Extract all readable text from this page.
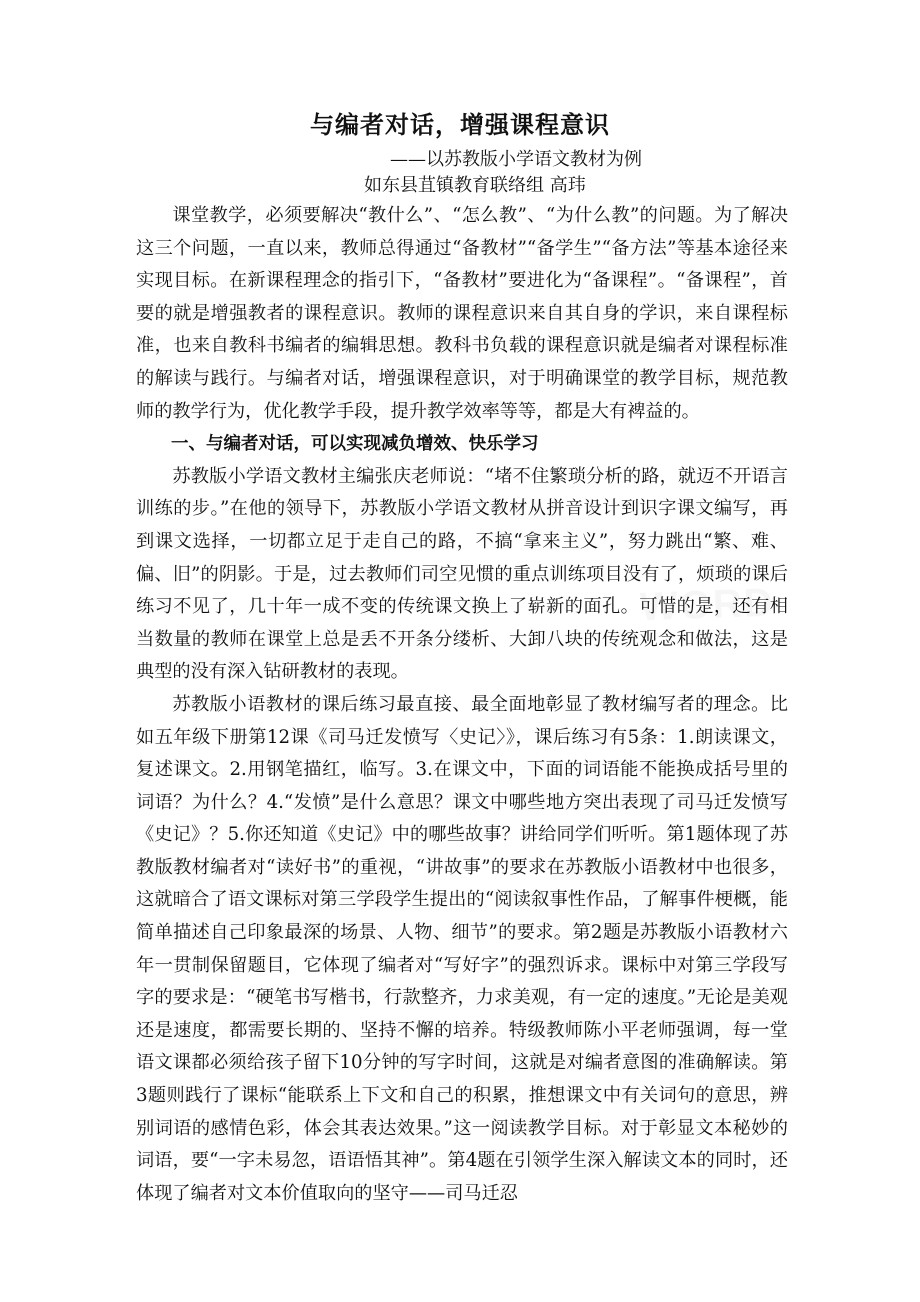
与编者对话，增强课程意识
——以苏教版小学语文教材为例
如东县苴镇教育联络组 高玮

课堂教学，必须要解决“教什么”、“怎么教”、“为什么教”的问题。为了解决这三个问题，一直以来，教师总得通过“备教材”“备学生”“备方法”等基本途径来实现目标。在新课程理念的指引下，“备教材”要进化为“备课程”。“备课程”，首要的就是增强教者的课程意识。教师的课程意识来自其自身的学识，来自课程标准，也来自教科书编者的编辑思想。教科书负载的课程意识就是编者对课程标准的解读与践行。与编者对话，增强课程意识，对于明确课堂的教学目标，规范教师的教学行为，优化教学手段，提升教学效率等等，都是大有裨益的。

一、与编者对话，可以实现减负增效、快乐学习

苏教版小学语文教材主编张庆老师说：“堵不住繁琐分析的路，就迈不开语言训练的步。”在他的领导下，苏教版小学语文教材从拼音设计到识字课文编写，再到课文选择，一切都立足于走自己的路，不搞“拿来主义”，努力跳出“繁、难、偏、旧”的阴影。于是，过去教师们司空见惯的重点训练项目没有了，烦琐的课后练习不见了，几十年一成不变的传统课文换上了崭新的面孔。可惜的是，还有相当数量的教师在课堂上总是丢不开条分缕析、大卸八块的传统观念和做法，这是典型的没有深入钻研教材的表现。

苏教版小语教材的课后练习最直接、最全面地彰显了教材编写者的理念。比如五年级下册第12课《司马迁发愤写〈史记〉》，课后练习有5条：1.朗读课文，复述课文。2.用钢笔描红，临写。3.在课文中，下面的词语能不能换成括号里的词语？为什么？4.“发愤”是什么意思？课文中哪些地方突出表现了司马迁发愤写《史记》？5.你还知道《史记》中的哪些故事？讲给同学们听听。第1题体现了苏教版教材编者对“读好书”的重视，“讲故事”的要求在苏教版小语教材中也很多，这就暗合了语文课标对第三学段学生提出的“阅读叙事性作品，了解事件梗概，能简单描述自己印象最深的场景、人物、细节”的要求。第2题是苏教版小语教材六年一贯制保留题目，它体现了编者对“写好字”的强烈诉求。课标中对第三学段写字的要求是：“硬笔书写楷书，行款整齐，力求美观，有一定的速度。”无论是美观还是速度，都需要长期的、坚持不懈的培养。特级教师陈小平老师强调，每一堂语文课都必须给孩子留下10分钟的写字时间，这就是对编者意图的准确解读。第3题则践行了课标“能联系上下文和自己的积累，推想课文中有关词句的意思，辨别词语的感情色彩，体会其表达效果。”这一阅读教学目标。对于彰显文本秘妙的词语，要“一字未易忽，语语悟其神”。第4题在引领学生深入解读文本的同时，还体现了编者对文本价值取向的坚守——司马迁忍
